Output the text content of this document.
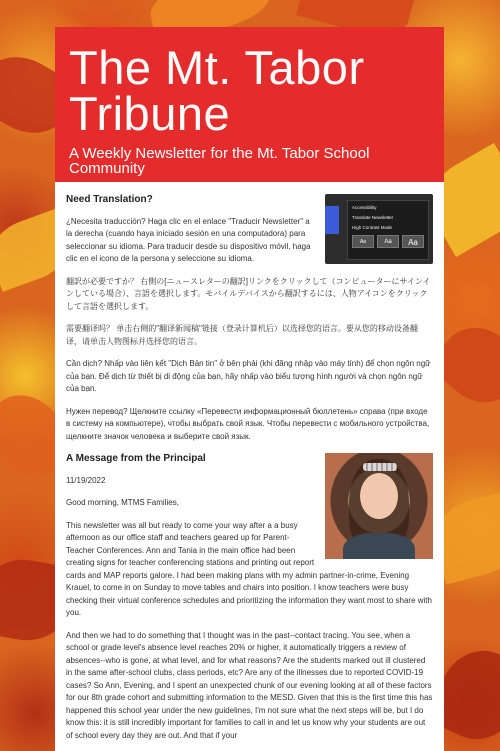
The Mt. Tabor Tribune
A Weekly Newsletter for the Mt. Tabor School Community
Accessibility
Translate Newsletter
High Contrast Mode
Aa	Aa	Aa
Need Translation?

¿Necesita traducción? Haga clic en el enlace "Traducir Newsletter" a la derecha (cuando haya iniciado sesión en una computadora) para seleccionar su idioma. Para traducir desde su dispositivo móvil, haga clic en el icono de la persona y seleccione su idioma.

翻訳が必要ですか？ 右側の[ニュースレターの翻訳]リンクをクリックして（コンピューターにサインインしている場合）、言語を選択します。モバイルデバイスから翻訳するには、人物アイコンをクリックして言語を選択します。

需要翻译吗？ 单击右侧的"翻译新闻稿"链接（登录计算机后）以选择您的语言。要从您的移动设备翻译，请单击人物图标并选择您的语言。

Cần dịch? Nhấp vào liên kết "Dịch Bản tin" ở bên phải (khi đăng nhập vào máy tính) để chọn ngôn ngữ của bạn. Để dịch từ thiết bị di động của bạn, hãy nhấp vào biểu tượng hình người và chọn ngôn ngữ của bạn.

Нужен перевод? Щелкните ссылку «Перевести информационный бюллетень» справа (при входе в систему на компьютере), чтобы выбрать свой язык. Чтобы перевести с мобильного устройства, щелкните значок человека и выберите свой язык.

A Message from the Principal

11/19/2022

Good morning, MTMS Families,

This newsletter was all but ready to come your way after a a busy afternoon as our office staff and teachers geared up for Parent-Teacher Conferences. Ann and Tania in the main office had been creating signs for teacher conferencing stations and printing out report cards and MAP reports galore. I had been making plans with my admin partner-in-crime, Evening Krauel, to come in on Sunday to move tables and chairs into position. I know teachers were busy checking their virtual conference schedules and prioritizing the information they want most to share with you.

And then we had to do something that I thought was in the past--contact tracing. You see, when a school or grade level's absence level reaches 20% or higher, it automatically triggers a review of absences--who is gone, at what level, and for what reasons? Are the students marked out ill clustered in the same after-school clubs, class periods, etc? Are any of the illnesses due to reported COVID-19 cases? So Ann, Evening, and I spent an unexpected chunk of our evening looking at all of these factors for our 8th grade cohort and submitting information to the MESD. Given that this is the first time this has happened this school year under the new guidelines, I'm not sure what the next steps will be, but I do know this: it is still incredibly important for families to call in and let us know why your students are out of school every day they are out. And that if your
